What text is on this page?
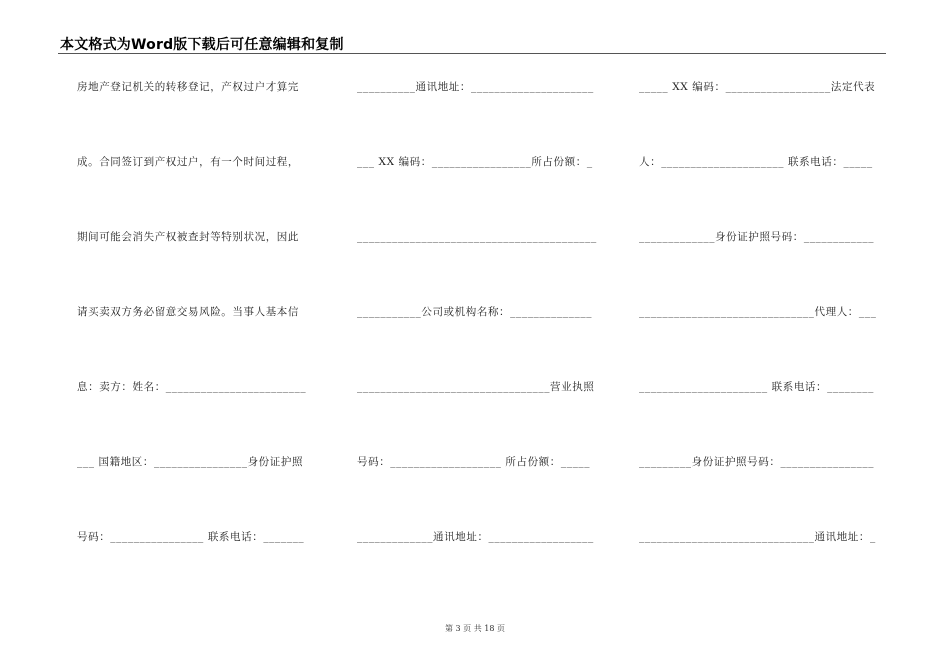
本文格式为Word版下载后可任意编辑和复制
房地产登记机关的转移登记，产权过户才算完
成。合同签订到产权过户，有一个时间过程，
期间可能会消失产权被查封等特别状况，因此
请买卖双方务必留意交易风险。当事人基本信
息：卖方：姓名：________________________
___ 国籍地区：________________身份证护照
号码：________________ 联系电话：_______
__________通讯地址：_____________________
___ XX 编码：_________________所占份额：_
_________________________________________
___________公司或机构名称：______________
_________________________________营业执照
号码：___________________ 所占份额：_____
_____________通讯地址：__________________
_____ XX 编码：__________________法定代表
人：_____________________ 联系电话：_____
_____________身份证护照号码：____________
______________________________代理人：___
______________________ 联系电话：________
_________身份证护照号码：________________
______________________________通讯地址：_
第 3 页 共 18 页
